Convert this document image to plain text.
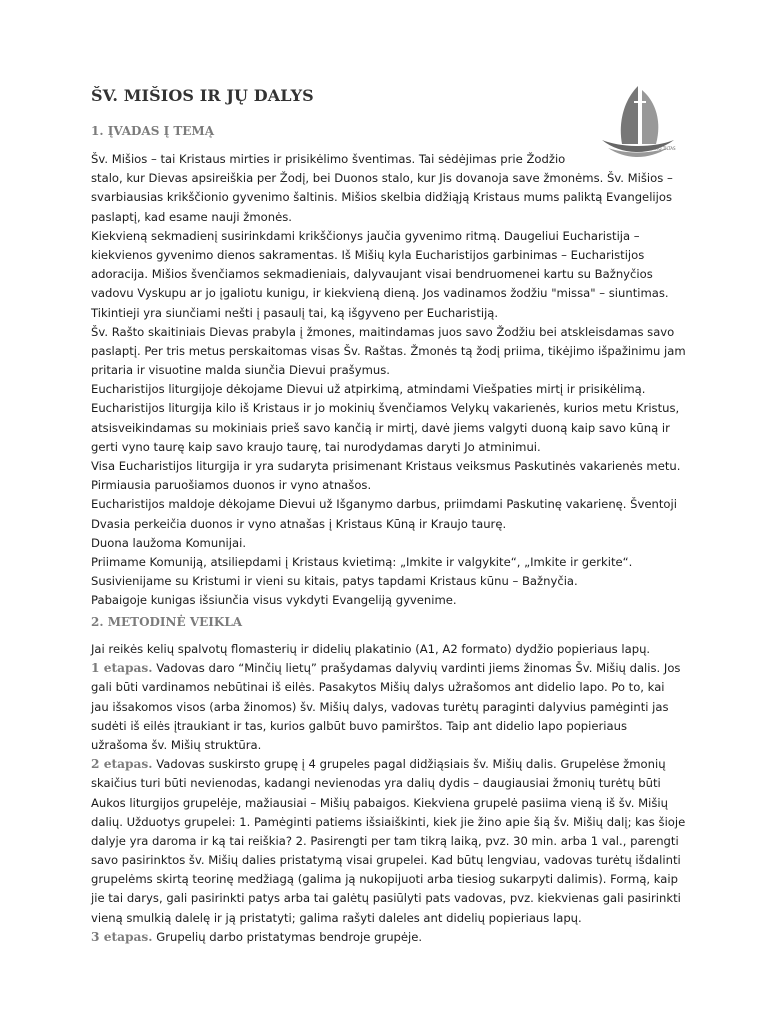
ŠV. MIŠIOS IR JŲ DALYS
JAUNIMO TILTAS
1. ĮVADAS Į TEMĄ
Šv. Mišios – tai Kristaus mirties ir prisikėlimo šventimas. Tai sėdėjimas prie Žodžio
stalo, kur Dievas apsireiškia per Žodį, bei Duonos stalo, kur Jis dovanoja save žmonėms. Šv. Mišios –
svarbiausias krikščionio gyvenimo šaltinis. Mišios skelbia didžiąją Kristaus mums paliktą Evangelijos
paslaptį, kad esame nauji žmonės.
Kiekvieną sekmadienį susirinkdami krikščionys jaučia gyvenimo ritmą. Daugeliui Eucharistija –
kiekvienos gyvenimo dienos sakramentas. Iš Mišių kyla Eucharistijos garbinimas – Eucharistijos
adoracija. Mišios švenčiamos sekmadieniais, dalyvaujant visai bendruomenei kartu su Bažnyčios
vadovu Vyskupu ar jo įgaliotu kunigu, ir kiekvieną dieną. Jos vadinamos žodžiu "missa" – siuntimas.
Tikintieji yra siunčiami nešti į pasaulį tai, ką išgyveno per Eucharistiją.
Šv. Rašto skaitiniais Dievas prabyla į žmones, maitindamas juos savo Žodžiu bei atskleisdamas savo
paslaptį. Per tris metus perskaitomas visas Šv. Raštas. Žmonės tą žodį priima, tikėjimo išpažinimu jam
pritaria ir visuotine malda siunčia Dievui prašymus.
Eucharistijos liturgijoje dėkojame Dievui už atpirkimą, atmindami Viešpaties mirtį ir prisikėlimą.
Eucharistijos liturgija kilo iš Kristaus ir jo mokinių švenčiamos Velykų vakarienės, kurios metu Kristus,
atsisveikindamas su mokiniais prieš savo kančią ir mirtį, davė jiems valgyti duoną kaip savo kūną ir
gerti vyno taurę kaip savo kraujo taurę, tai nurodydamas daryti Jo atminimui.
Visa Eucharistijos liturgija ir yra sudaryta prisimenant Kristaus veiksmus Paskutinės vakarienės metu.
Pirmiausia paruošiamos duonos ir vyno atnašos.
Eucharistijos maldoje dėkojame Dievui už Išganymo darbus, priimdami Paskutinę vakarienę. Šventoji
Dvasia perkeičia duonos ir vyno atnašas į Kristaus Kūną ir Kraujo taurę.
Duona laužoma Komunijai.
Priimame Komuniją, atsiliepdami į Kristaus kvietimą: „Imkite ir valgykite“, „Imkite ir gerkite“.
Susivienijame su Kristumi ir vieni su kitais, patys tapdami Kristaus kūnu – Bažnyčia.
Pabaigoje kunigas išsiunčia visus vykdyti Evangeliją gyvenime.
2. METODINĖ VEIKLA
Jai reikės kelių spalvotų flomasterių ir didelių plakatinio (A1, A2 formato) dydžio popieriaus lapų.
1 etapas. Vadovas daro “Minčių lietų” prašydamas dalyvių vardinti jiems žinomas Šv. Mišių dalis. Jos
gali būti vardinamos nebūtinai iš eilės. Pasakytos Mišių dalys užrašomos ant didelio lapo. Po to, kai
jau išsakomos visos (arba žinomos) šv. Mišių dalys, vadovas turėtų paraginti dalyvius pamėginti jas
sudėti iš eilės įtraukiant ir tas, kurios galbūt buvo pamirštos. Taip ant didelio lapo popieriaus
užrašoma šv. Mišių struktūra.
2 etapas. Vadovas suskirsto grupę į 4 grupeles pagal didžiąsiais šv. Mišių dalis. Grupelėse žmonių
skaičius turi būti nevienodas, kadangi nevienodas yra dalių dydis – daugiausiai žmonių turėtų būti
Aukos liturgijos grupelėje, mažiausiai – Mišių pabaigos. Kiekviena grupelė pasiima vieną iš šv. Mišių
dalių. Užduotys grupelei: 1. Pamėginti patiems išsiaiškinti, kiek jie žino apie šią šv. Mišių dalį; kas šioje
dalyje yra daroma ir ką tai reiškia? 2. Pasirengti per tam tikrą laiką, pvz. 30 min. arba 1 val., parengti
savo pasirinktos šv. Mišių dalies pristatymą visai grupelei. Kad būtų lengviau, vadovas turėtų išdalinti
grupelėms skirtą teorinę medžiagą (galima ją nukopijuoti arba tiesiog sukarpyti dalimis). Formą, kaip
jie tai darys, gali pasirinkti patys arba tai galėtų pasiūlyti pats vadovas, pvz. kiekvienas gali pasirinkti
vieną smulkią dalelę ir ją pristatyti; galima rašyti daleles ant didelių popieriaus lapų.
3 etapas. Grupelių darbo pristatymas bendroje grupėje.
